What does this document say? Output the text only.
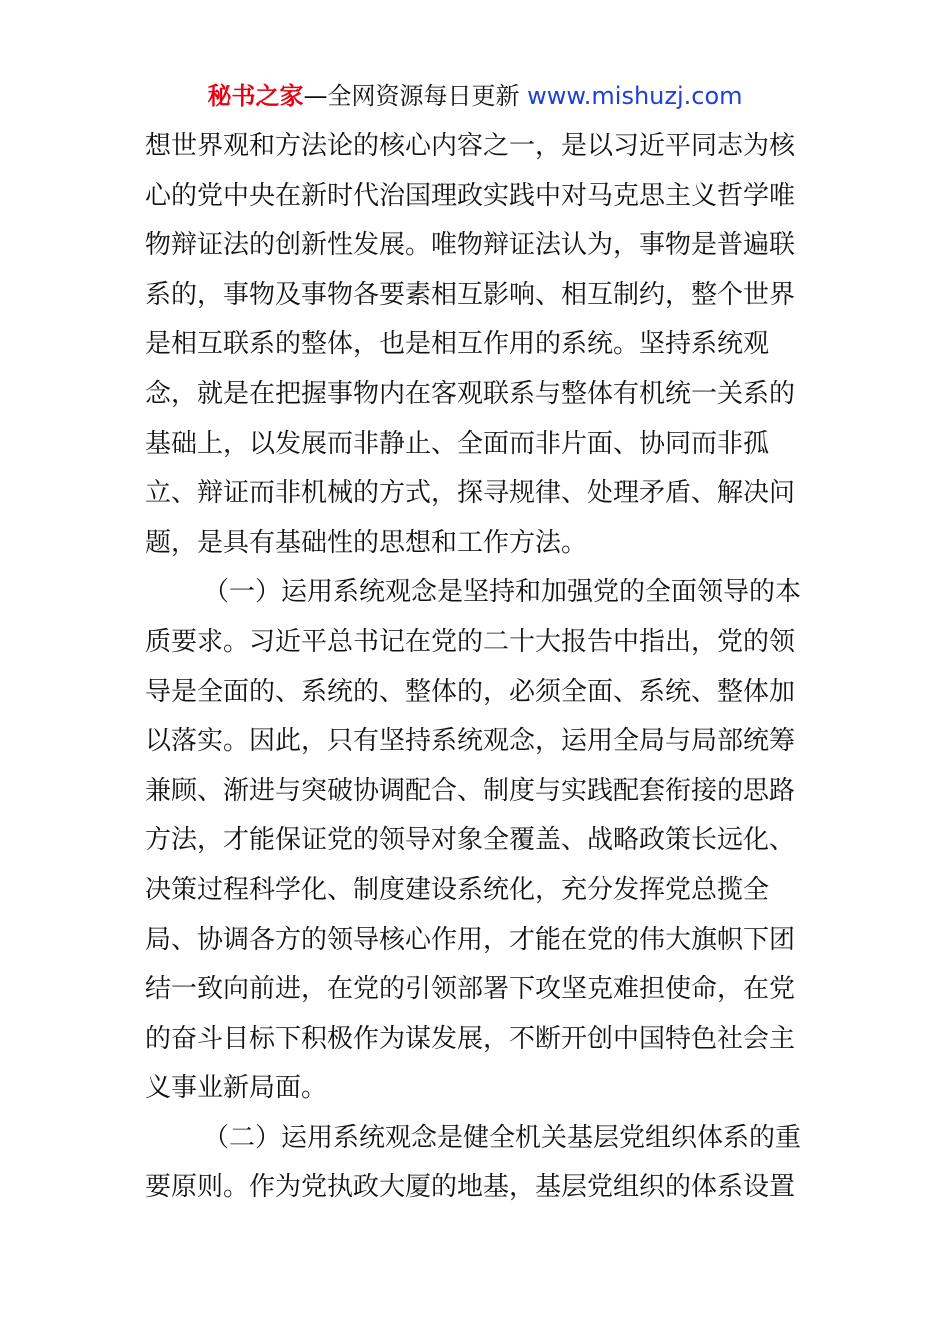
秘书之家—全网资源每日更新 www.mishuzj.com
想世界观和方法论的核心内容之一，是以习近平同志为核
心的党中央在新时代治国理政实践中对马克思主义哲学唯
物辩证法的创新性发展。唯物辩证法认为，事物是普遍联
系的，事物及事物各要素相互影响、相互制约，整个世界
是相互联系的整体，也是相互作用的系统。坚持系统观
念，就是在把握事物内在客观联系与整体有机统一关系的
基础上，以发展而非静止、全面而非片面、协同而非孤
立、辩证而非机械的方式，探寻规律、处理矛盾、解决问
题，是具有基础性的思想和工作方法。
（一）运用系统观念是坚持和加强党的全面领导的本
质要求。习近平总书记在党的二十大报告中指出，党的领
导是全面的、系统的、整体的，必须全面、系统、整体加
以落实。因此，只有坚持系统观念，运用全局与局部统筹
兼顾、渐进与突破协调配合、制度与实践配套衔接的思路
方法，才能保证党的领导对象全覆盖、战略政策长远化、
决策过程科学化、制度建设系统化，充分发挥党总揽全
局、协调各方的领导核心作用，才能在党的伟大旗帜下团
结一致向前进，在党的引领部署下攻坚克难担使命，在党
的奋斗目标下积极作为谋发展，不断开创中国特色社会主
义事业新局面。
（二）运用系统观念是健全机关基层党组织体系的重
要原则。作为党执政大厦的地基，基层党组织的体系设置
